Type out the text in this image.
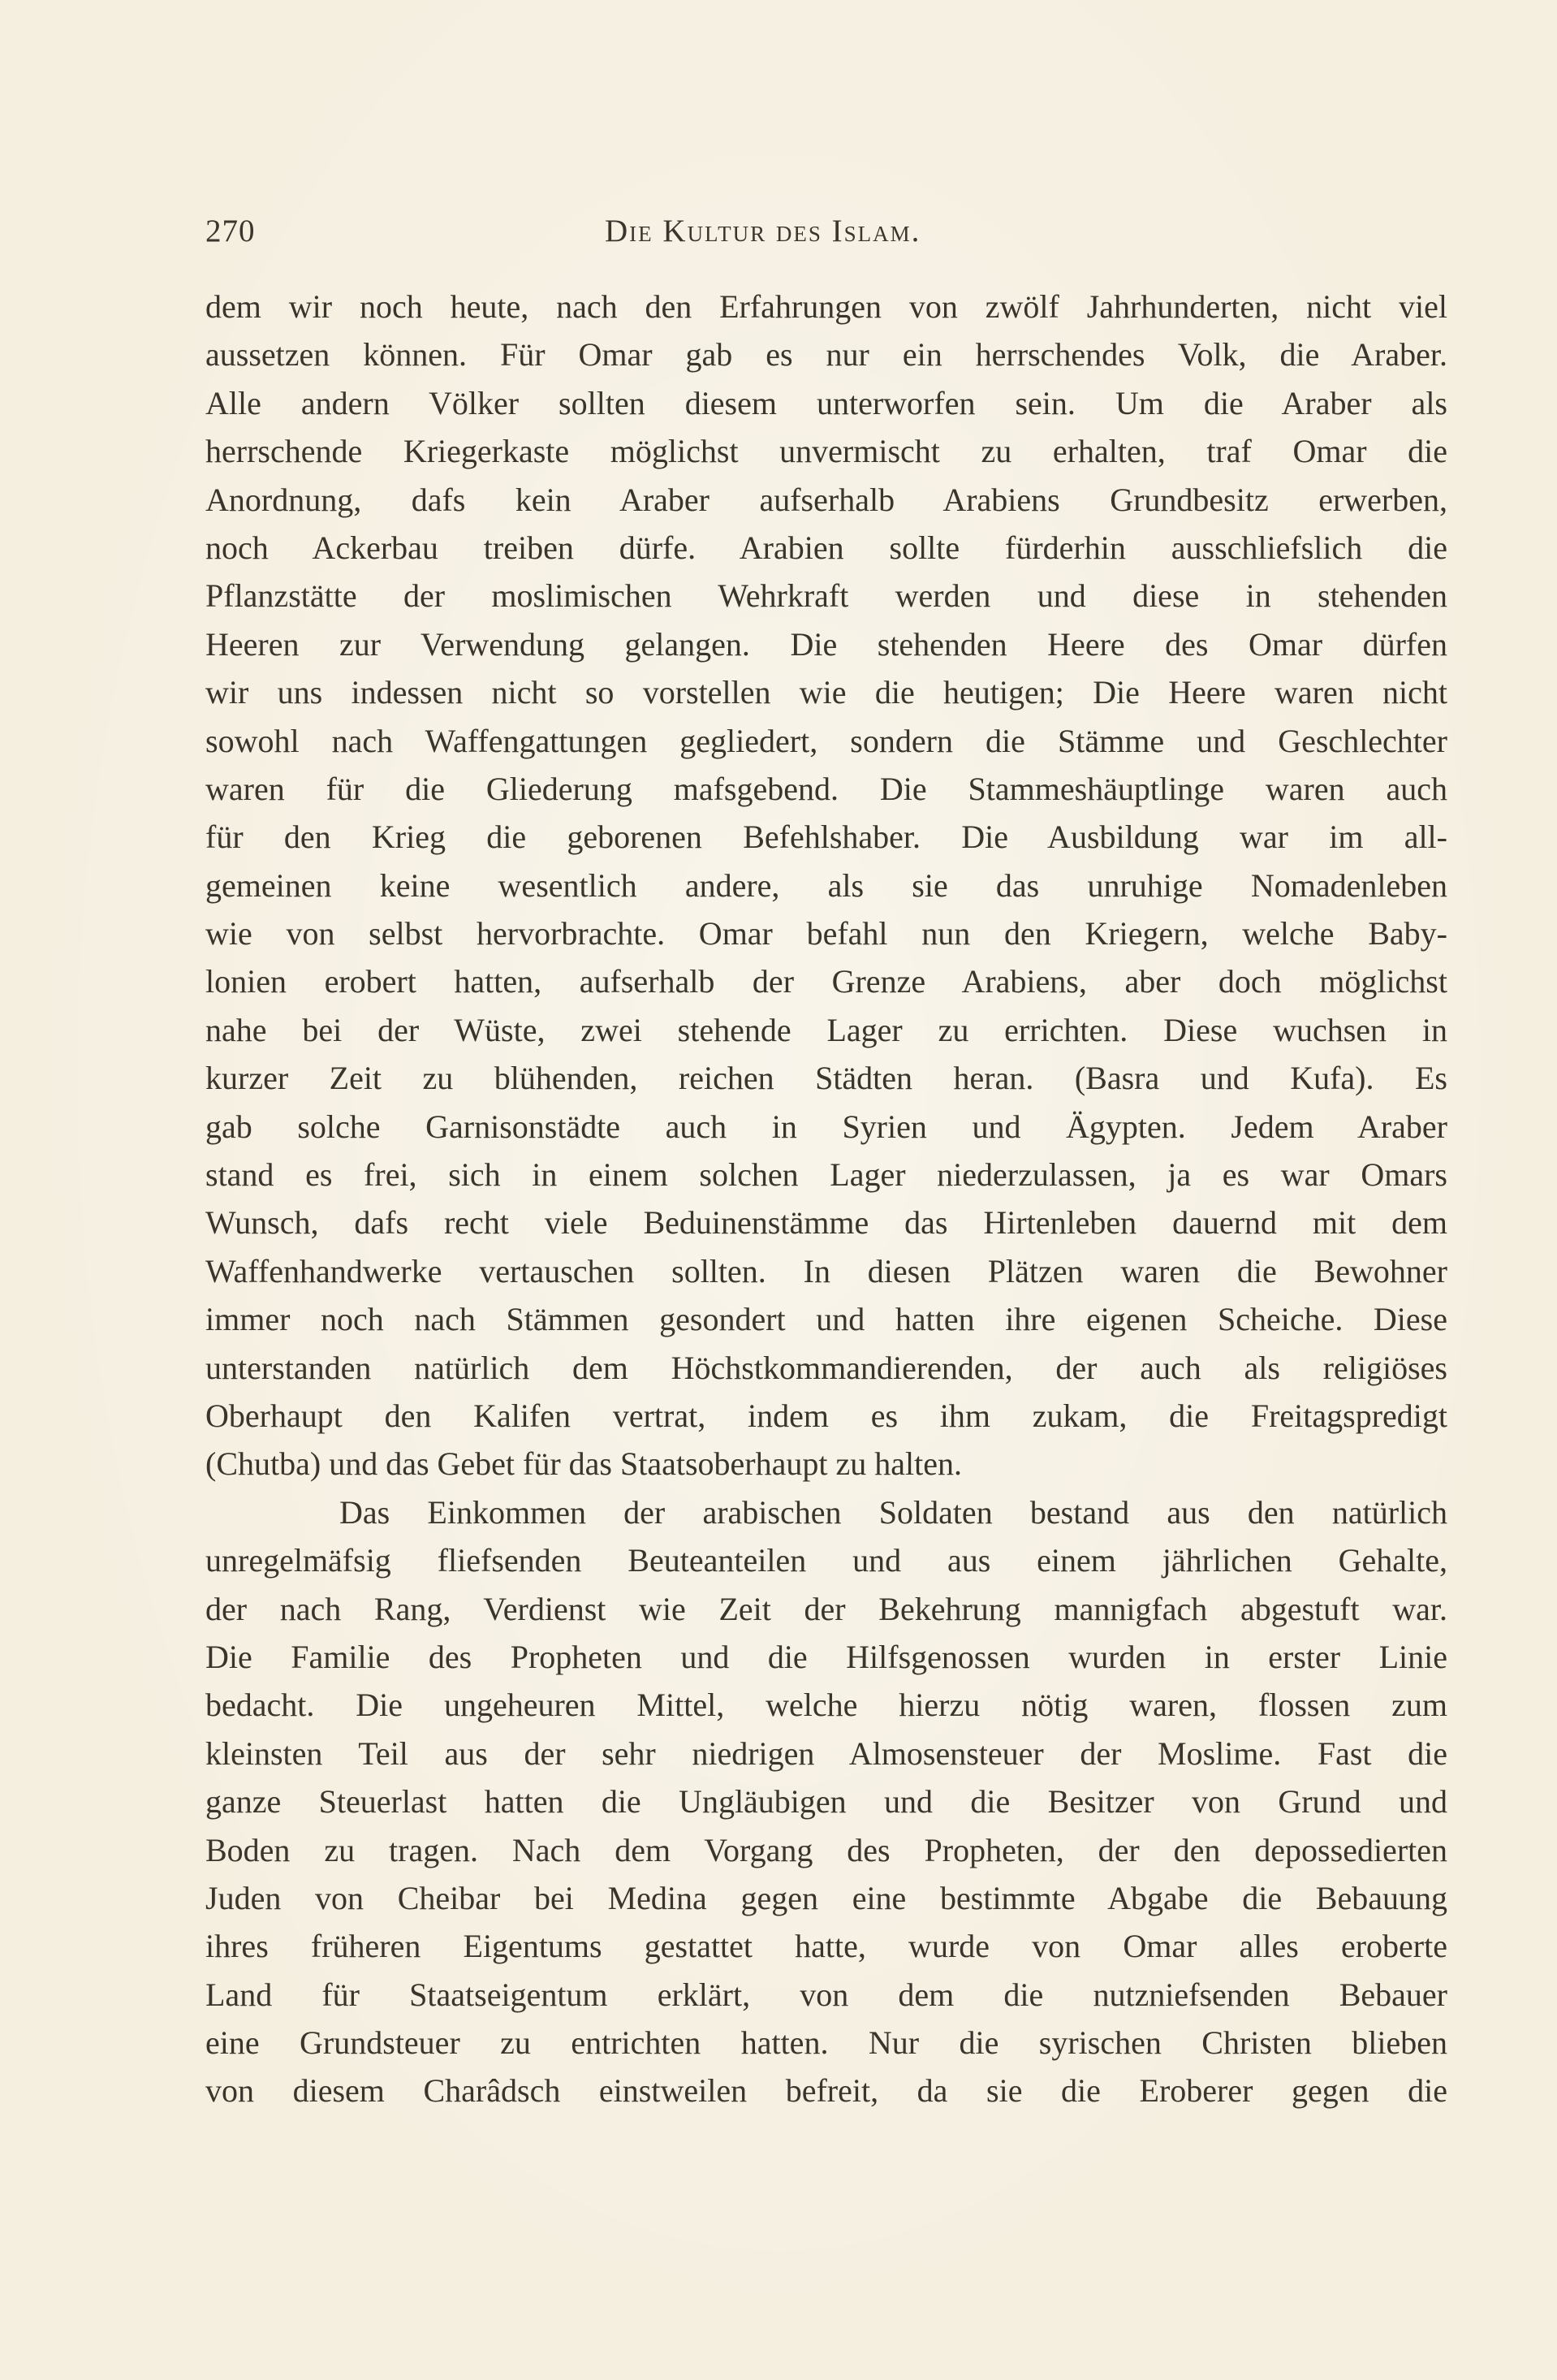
270	Die Kultur des Islam.
dem wir noch heute, nach den Erfahrungen von zwölf Jahrhunderten, nicht viel
aussetzen können. Für Omar gab es nur ein herrschendes Volk, die Araber.
Alle andern Völker sollten diesem unterworfen sein. Um die Araber als
herrschende Kriegerkaste möglichst unvermischt zu erhalten, traf Omar die
Anordnung, dafs kein Araber aufserhalb Arabiens Grundbesitz erwerben,
noch Ackerbau treiben dürfe. Arabien sollte fürderhin ausschliefslich die
Pflanzstätte der moslimischen Wehrkraft werden und diese in stehenden
Heeren zur Verwendung gelangen. Die stehenden Heere des Omar dürfen
wir uns indessen nicht so vorstellen wie die heutigen; Die Heere waren nicht
sowohl nach Waffengattungen gegliedert, sondern die Stämme und Geschlechter
waren für die Gliederung mafsgebend. Die Stammeshäuptlinge waren auch
für den Krieg die geborenen Befehlshaber. Die Ausbildung war im all-
gemeinen keine wesentlich andere, als sie das unruhige Nomadenleben
wie von selbst hervorbrachte. Omar befahl nun den Kriegern, welche Baby-
lonien erobert hatten, aufserhalb der Grenze Arabiens, aber doch möglichst
nahe bei der Wüste, zwei stehende Lager zu errichten. Diese wuchsen in
kurzer Zeit zu blühenden, reichen Städten heran. (Basra und Kufa). Es
gab solche Garnisonstädte auch in Syrien und Ägypten. Jedem Araber
stand es frei, sich in einem solchen Lager niederzulassen, ja es war Omars
Wunsch, dafs recht viele Beduinenstämme das Hirtenleben dauernd mit dem
Waffenhandwerke vertauschen sollten. In diesen Plätzen waren die Bewohner
immer noch nach Stämmen gesondert und hatten ihre eigenen Scheiche. Diese
unterstanden natürlich dem Höchstkommandierenden, der auch als religiöses
Oberhaupt den Kalifen vertrat, indem es ihm zukam, die Freitagspredigt
(Chutba) und das Gebet für das Staatsoberhaupt zu halten.
Das Einkommen der arabischen Soldaten bestand aus den natürlich
unregelmäfsig fliefsenden Beuteanteilen und aus einem jährlichen Gehalte,
der nach Rang, Verdienst wie Zeit der Bekehrung mannigfach abgestuft war.
Die Familie des Propheten und die Hilfsgenossen wurden in erster Linie
bedacht. Die ungeheuren Mittel, welche hierzu nötig waren, flossen zum
kleinsten Teil aus der sehr niedrigen Almosensteuer der Moslime. Fast die
ganze Steuerlast hatten die Ungläubigen und die Besitzer von Grund und
Boden zu tragen. Nach dem Vorgang des Propheten, der den depossedierten
Juden von Cheibar bei Medina gegen eine bestimmte Abgabe die Bebauung
ihres früheren Eigentums gestattet hatte, wurde von Omar alles eroberte
Land für Staatseigentum erklärt, von dem die nutzniefsenden Bebauer
eine Grundsteuer zu entrichten hatten. Nur die syrischen Christen blieben
von diesem Charâdsch einstweilen befreit, da sie die Eroberer gegen die
